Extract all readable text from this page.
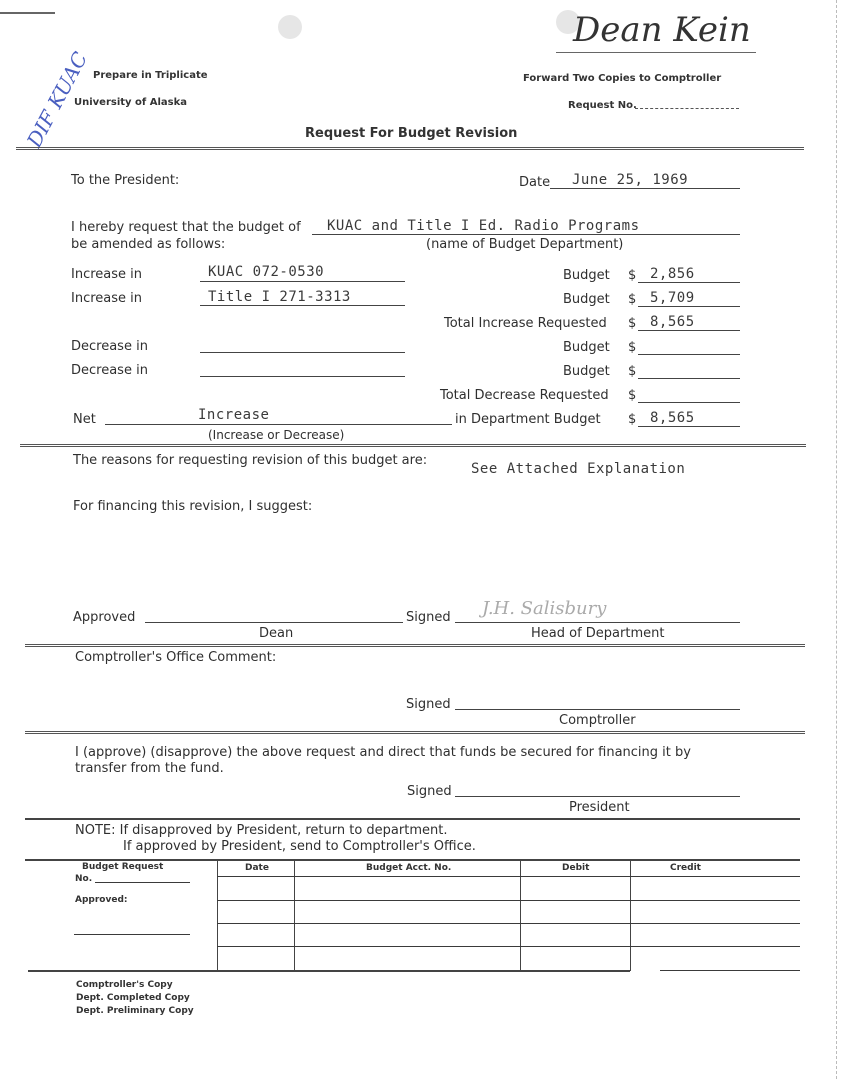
Prepare in Triplicate
University of Alaska
DIF KUAC	Forward Two Copies to Comptroller
Request No.
Dean Kein
Request For Budget Revision
To the President:	Date June 25, 1969
I hereby request that the budget of KUAC and Title I Ed. Radio Programs
be amended as follows:	(name of Budget Department)
Increase in	KUAC 072-0530	Budget $ 2,856
Increase in	Title I 271-3313	Budget $ 5,709
Total Increase Requested $ 8,565
Decrease in	Budget $
Decrease in	Budget $
Total Decrease Requested $
Net	Increase	in Department Budget $ 8,565
(Increase or Decrease)
The reasons for requesting revision of this budget are:
See Attached Explanation
For financing this revision, I suggest:
Approved
Dean
Signed J.H. Salisbury
Head of Department
Comptroller's Office Comment:
Signed
Comptroller
I (approve) (disapprove) the above request and direct that funds be secured for financing it by
transfer from the fund.
Signed
President
NOTE: If disapproved by President, return to department.
If approved by President, send to Comptroller's Office.
Budget Request
No.
Approved:
Date	Budget Acct. No.	Debit	Credit
Comptroller's Copy
Dept. Completed Copy
Dept. Preliminary Copy
